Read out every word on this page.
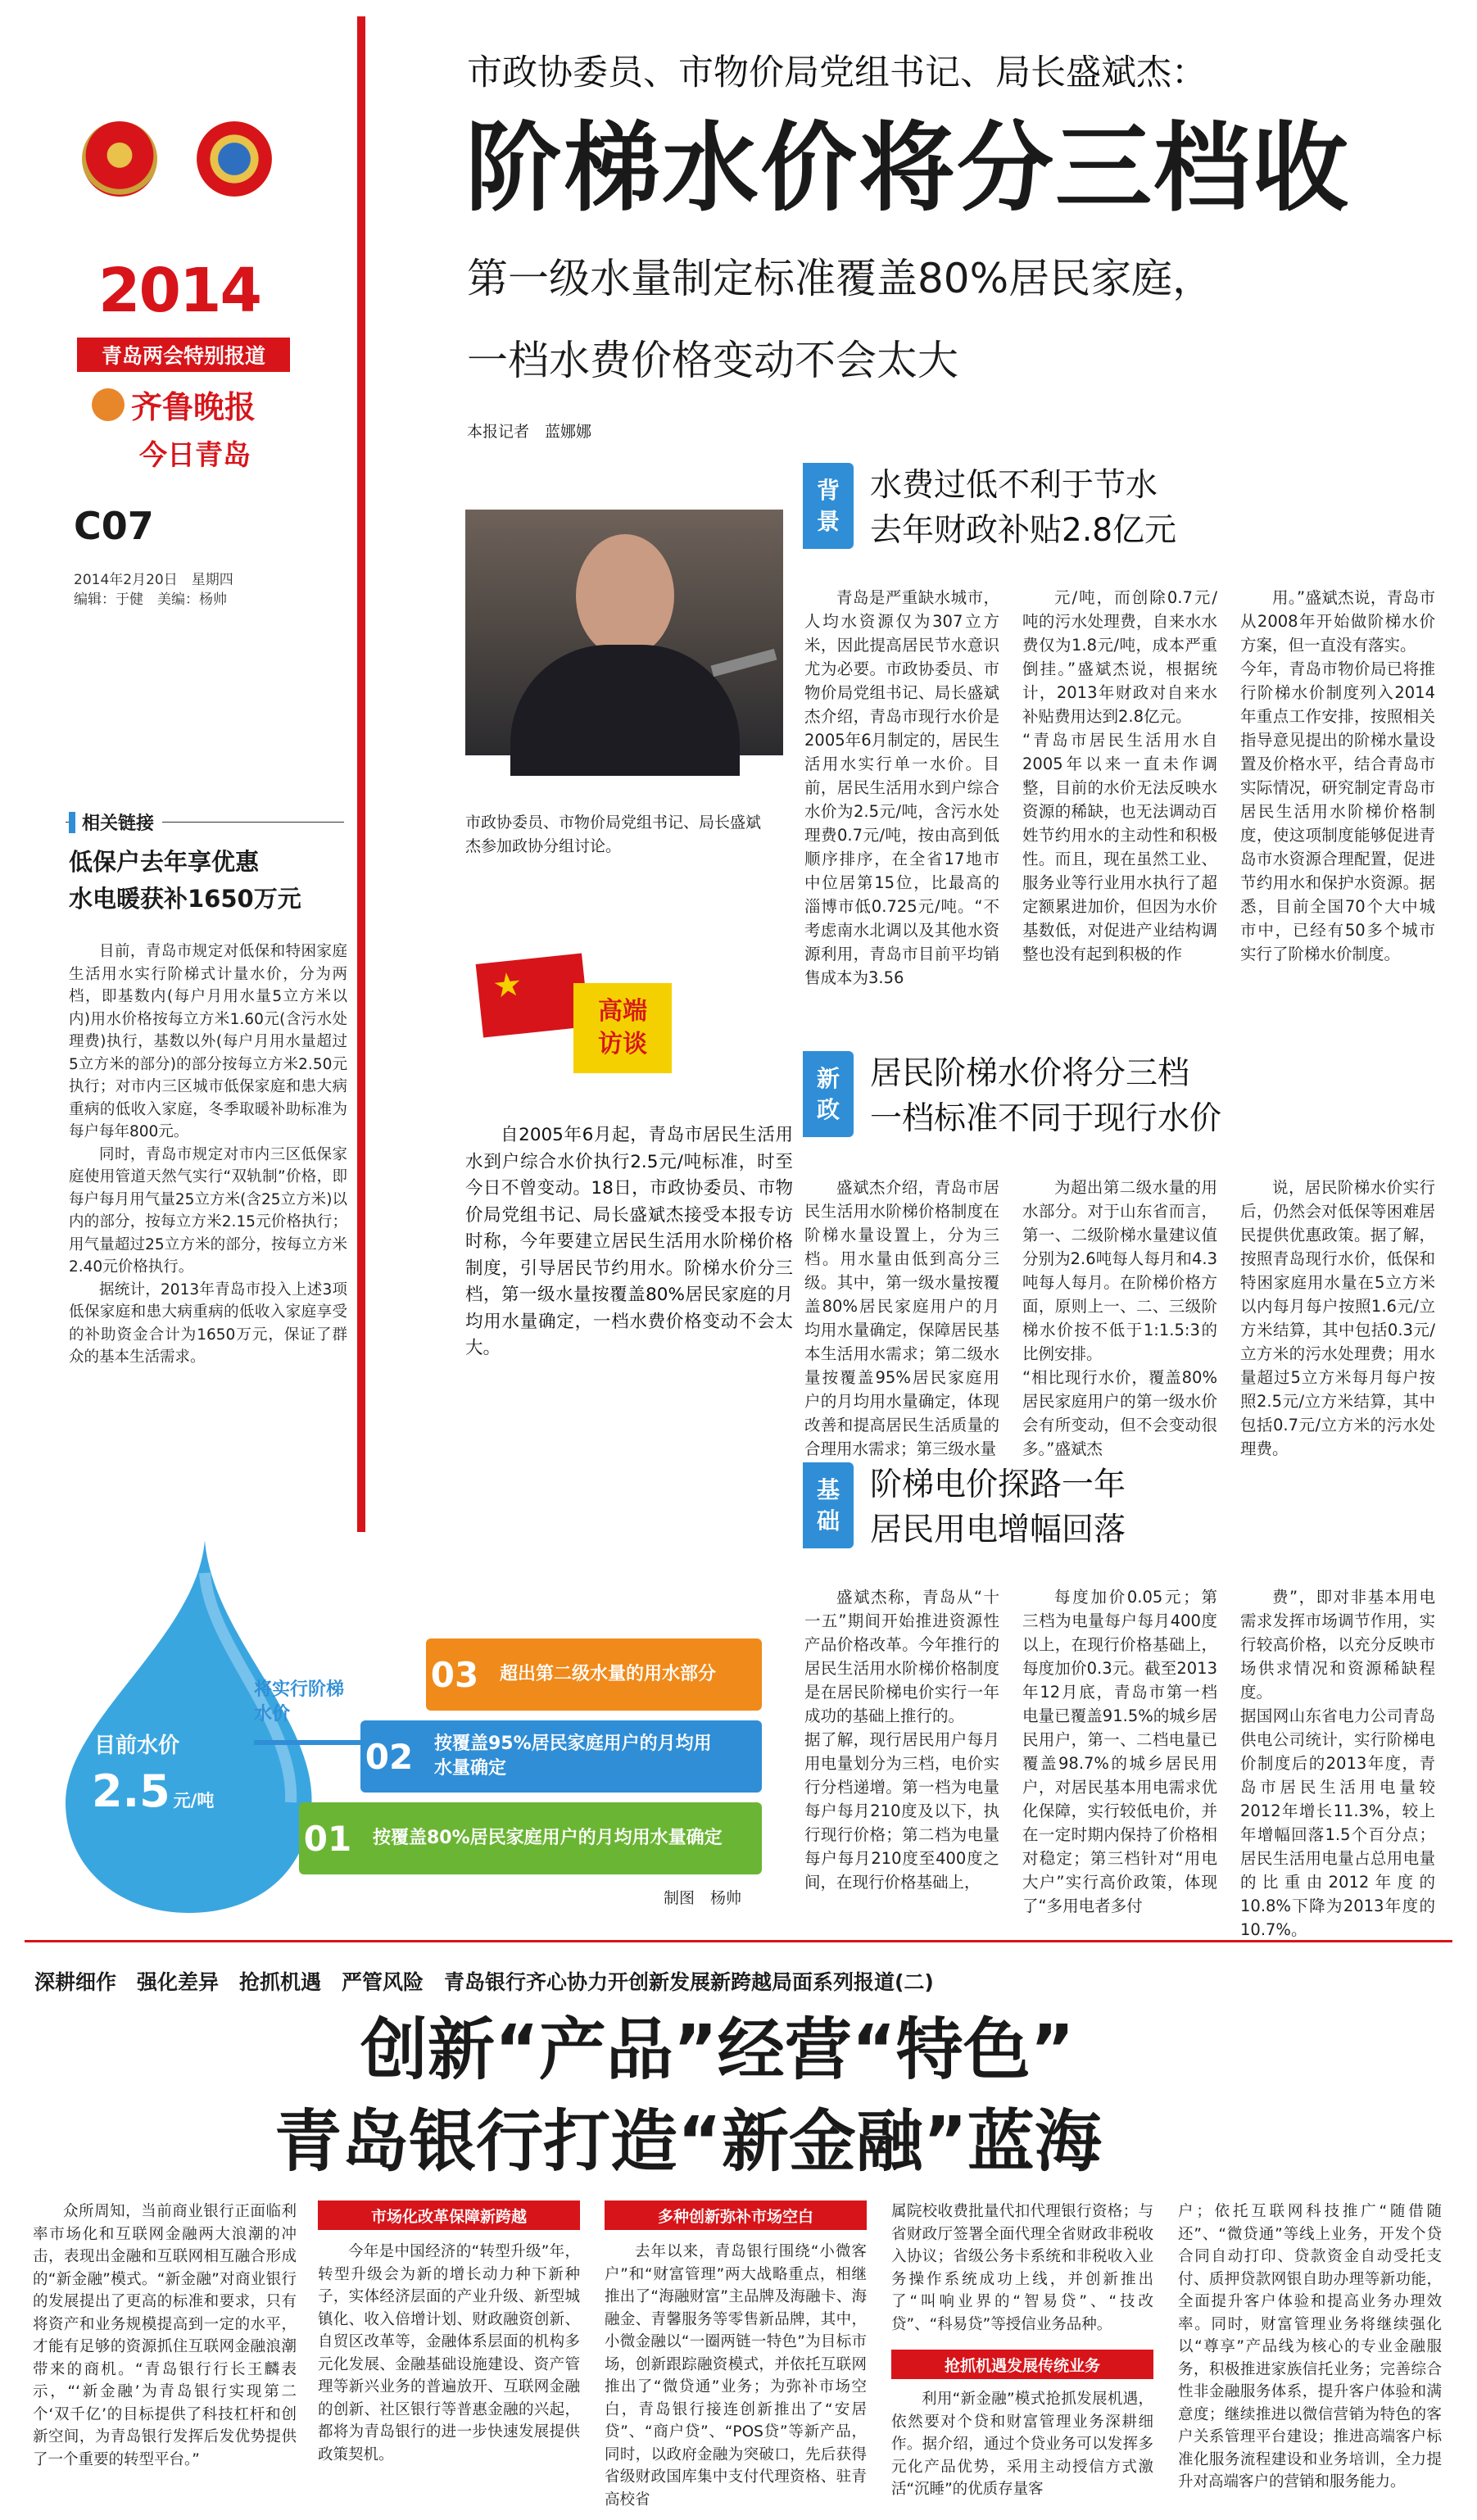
2014
青岛两会特别报道
齐鲁晚报
今日青岛
C07
2014年2月20日　星期四
编辑：于健　美编：杨帅
相关链接
低保户去年享优惠
水电暖获补1650万元

目前，青岛市规定对低保和特困家庭生活用水实行阶梯式计量水价，分为两档，即基数内(每户月用水量5立方米以内)用水价格按每立方米1.60元(含污水处理费)执行，基数以外(每户月用水量超过5立方米的部分)的部分按每立方米2.50元执行；对市内三区城市低保家庭和患大病重病的低收入家庭，冬季取暖补助标准为每户每年800元。

同时，青岛市规定对市内三区低保家庭使用管道天然气实行“双轨制”价格，即每户每月用气量25立方米(含25立方米)以内的部分，按每立方米2.15元价格执行；用气量超过25立方米的部分，按每立方米2.40元价格执行。

据统计，2013年青岛市投入上述3项低保家庭和患大病重病的低收入家庭享受的补助资金合计为1650万元，保证了群众的基本生活需求。

市政协委员、市物价局党组书记、局长盛斌杰：
阶梯水价将分三档收
第一级水量制定标准覆盖80%居民家庭，
一档水费价格变动不会太大
本报记者　蓝娜娜
市政协委员、市物价局党组书记、局长盛斌杰参加政协分组讨论。
★
高端
访谈

自2005年6月起，青岛市居民生活用水到户综合水价执行2.5元/吨标准，时至今日不曾变动。18日，市政协委员、市物价局党组书记、局长盛斌杰接受本报专访时称，今年要建立居民生活用水阶梯价格制度，引导居民节约用水。阶梯水价分三档，第一级水量按覆盖80%居民家庭的月均用水量确定，一档水费价格变动不会太大。

背
景
水费过低不利于节水
去年财政补贴2.8亿元

青岛是严重缺水城市，人均水资源仅为307立方米，因此提高居民节水意识尤为必要。市政协委员、市物价局党组书记、局长盛斌杰介绍，青岛市现行水价是2005年6月制定的，居民生活用水实行单一水价。目前，居民生活用水到户综合水价为2.5元/吨，含污水处理费0.7元/吨，按由高到低顺序排序，在全省17地市中位居第15位，比最高的淄博市低0.725元/吨。“不考虑南水北调以及其他水资源利用，青岛市目前平均销售成本为3.56

元/吨，而创除0.7元/吨的污水处理费，自来水水费仅为1.8元/吨，成本严重倒挂。”盛斌杰说，根据统计，2013年财政对自来水补贴费用达到2.8亿元。
“青岛市居民生活用水自2005年以来一直未作调整，目前的水价无法反映水资源的稀缺，也无法调动百姓节约用水的主动性和积极性。而且，现在虽然工业、服务业等行业用水执行了超定额累进加价，但因为水价基数低，对促进产业结构调整也没有起到积极的作

用。”盛斌杰说，青岛市从2008年开始做阶梯水价方案，但一直没有落实。
今年，青岛市物价局已将推行阶梯水价制度列入2014年重点工作安排，按照相关指导意见提出的阶梯水量设置及价格水平，结合青岛市实际情况，研究制定青岛市居民生活用水阶梯价格制度，使这项制度能够促进青岛市水资源合理配置，促进节约用水和保护水资源。据悉，目前全国70个大中城市中，已经有50多个城市实行了阶梯水价制度。

新
政
居民阶梯水价将分三档
一档标准不同于现行水价

盛斌杰介绍，青岛市居民生活用水阶梯价格制度在阶梯水量设置上，分为三档。用水量由低到高分三级。其中，第一级水量按覆盖80%居民家庭用户的月均用水量确定，保障居民基本生活用水需求；第二级水量按覆盖95%居民家庭用户的月均用水量确定，体现改善和提高居民生活质量的合理用水需求；第三级水量

为超出第二级水量的用水部分。对于山东省而言，第一、二级阶梯水量建议值分别为2.6吨每人每月和4.3吨每人每月。在阶梯价格方面，原则上一、二、三级阶梯水价按不低于1:1.5:3的比例安排。
“相比现行水价，覆盖80%居民家庭用户的第一级水价会有所变动，但不会变动很多。”盛斌杰

说，居民阶梯水价实行后，仍然会对低保等困难居民提供优惠政策。据了解，按照青岛现行水价，低保和特困家庭用水量在5立方米以内每月每户按照1.6元/立方米结算，其中包括0.3元/立方米的污水处理费；用水量超过5立方米每月每户按照2.5元/立方米结算，其中包括0.7元/立方米的污水处理费。

基
础
阶梯电价探路一年
居民用电增幅回落

盛斌杰称，青岛从“十一五”期间开始推进资源性产品价格改革。今年推行的居民生活用水阶梯价格制度是在居民阶梯电价实行一年成功的基础上推行的。
据了解，现行居民用户每月用电量划分为三档，电价实行分档递增。第一档为电量每户每月210度及以下，执行现行价格；第二档为电量每户每月210度至400度之间，在现行价格基础上，

每度加价0.05元；第三档为电量每户每月400度以上，在现行价格基础上，每度加价0.3元。截至2013年12月底，青岛市第一档电量已覆盖91.5%的城乡居民用户，第一、二档电量已覆盖98.7%的城乡居民用户，对居民基本用电需求优化保障，实行较低电价，并在一定时期内保持了价格相对稳定；第三档针对“用电大户”实行高价政策，体现了“多用电者多付

费”，即对非基本用电需求发挥市场调节作用，实行较高价格，以充分反映市场供求情况和资源稀缺程度。
据国网山东省电力公司青岛供电公司统计，实行阶梯电价制度后的2013年度，青岛市居民生活用电量较2012年增长11.3%，较上年增幅回落1.5个百分点；居民生活用电量占总用电量的比重由2012年度的10.8%下降为2013年度的10.7%。

目前水价
2.5 元/吨
将实行阶梯水价
03	超出第二级水量的用水部分
02	按覆盖95%居民家庭用户的月均用水量确定
01	按覆盖80%居民家庭用户的月均用水量确定
制图　杨帅
深耕细作　强化差异　抢抓机遇　严管风险　青岛银行齐心协力开创新发展新跨越局面系列报道(二)
创新“产品”经营“特色”
青岛银行打造“新金融”蓝海

众所周知，当前商业银行正面临利率市场化和互联网金融两大浪潮的冲击，表现出金融和互联网相互融合形成的“新金融”模式。“新金融”对商业银行的发展提出了更高的标准和要求，只有将资产和业务规模提高到一定的水平，才能有足够的资源抓住互联网金融浪潮带来的商机。“青岛银行行长王麟表示，“‘新金融’为青岛银行实现第二个‘双千亿’的目标提供了科技杠杆和创新空间，为青岛银行发挥后发优势提供了一个重要的转型平台。”

市场化改革保障新跨越

今年是中国经济的“转型升级”年，转型升级会为新的增长动力种下新种子，实体经济层面的产业升级、新型城镇化、收入倍增计划、财政融资创新、自贸区改革等，金融体系层面的机构多元化发展、金融基础设施建设、资产管理等新兴业务的普遍放开、互联网金融的创新、社区银行等普惠金融的兴起，都将为青岛银行的进一步快速发展提供政策契机。

多种创新弥补市场空白

去年以来，青岛银行围绕“小微客户”和“财富管理”两大战略重点，相继推出了“海融财富”主品牌及海融卡、海融金、青馨服务等零售新品牌，其中，小微金融以“一圈两链一特色”为目标市场，创新跟踪融资模式，并依托互联网推出了“微贷通”业务；为弥补市场空白，青岛银行接连创新推出了“安居贷”、“商户贷”、“POS贷”等新产品，同时，以政府金融为突破口，先后获得省级财政国库集中支付代理资格、驻青高校省

属院校收费批量代扣代理银行资格；与省财政厅签署全面代理全省财政非税收入协议；省级公务卡系统和非税收入业务操作系统成功上线，并创新推出了“叫响业界的“智易贷”、“技改贷”、“科易贷”等授信业务品种。

抢抓机遇发展传统业务

利用“新金融”模式抢抓发展机遇，依然要对个贷和财富管理业务深耕细作。据介绍，通过个贷业务可以发挥多元化产品优势，采用主动授信方式激活“沉睡”的优质存量客

户；依托互联网科技推广“随借随还”、“微贷通”等线上业务，开发个贷合同自动打印、贷款资金自动受托支付、质押贷款网银自助办理等新功能，全面提升客户体验和提高业务办理效率。同时，财富管理业务将继续强化以“尊享”产品线为核心的专业金融服务，积极推进家族信托业务；完善综合性非金融服务体系，提升客户体验和满意度；继续推进以微信营销为特色的客户关系管理平台建设；推进高端客户标准化服务流程建设和业务培训，全力提升对高端客户的营销和服务能力。
